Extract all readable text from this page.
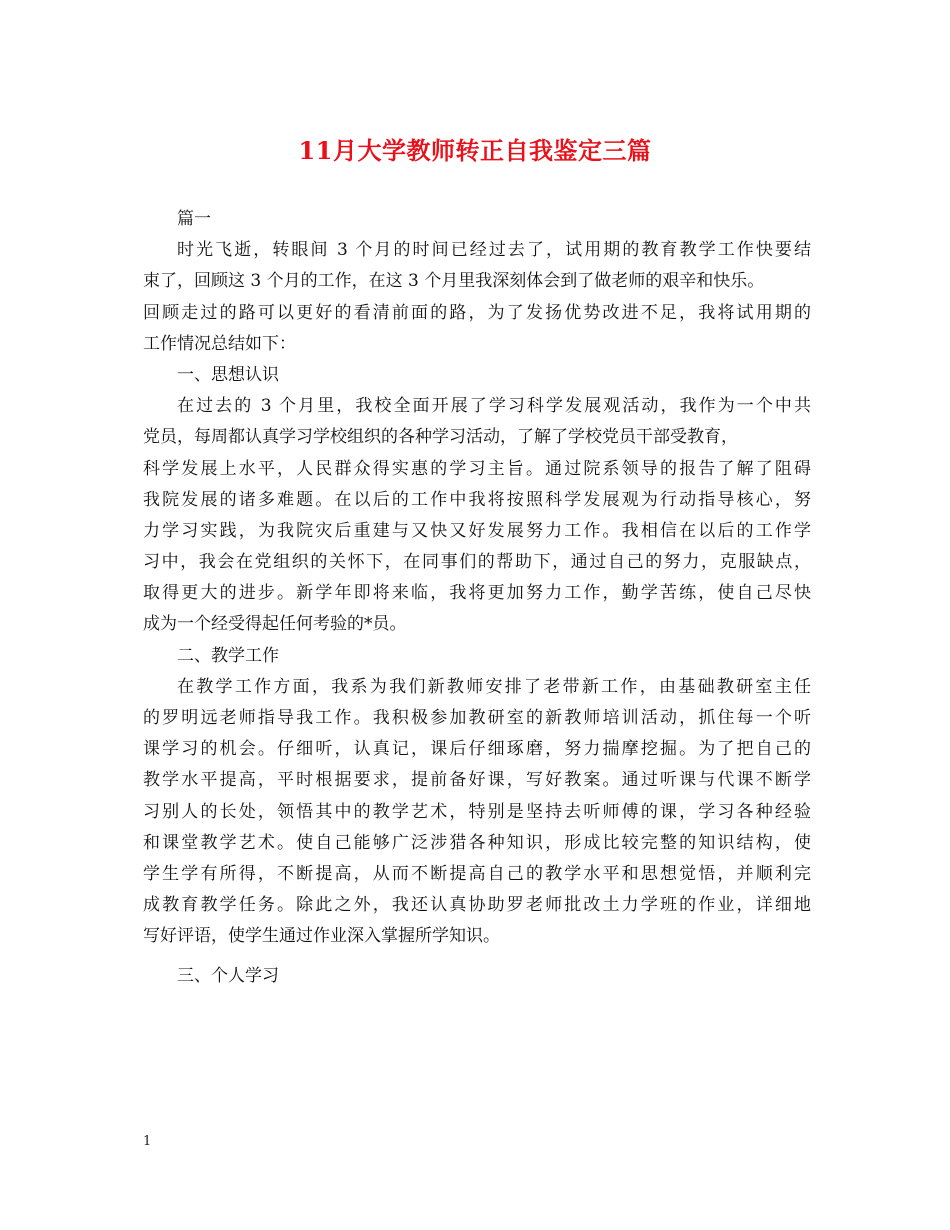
11月大学教师转正自我鉴定三篇
篇一
时光飞逝，转眼间 3 个月的时间已经过去了，试用期的教育教学工作快要结
束了，回顾这 3 个月的工作，在这 3 个月里我深刻体会到了做老师的艰辛和快乐。
回顾走过的路可以更好的看清前面的路，为了发扬优势改进不足，我将试用期的
工作情况总结如下：
一、思想认识
在过去的 3 个月里，我校全面开展了学习科学发展观活动，我作为一个中共
党员，每周都认真学习学校组织的各种学习活动，了解了学校党员干部受教育，
科学发展上水平，人民群众得实惠的学习主旨。通过院系领导的报告了解了阻碍
我院发展的诸多难题。在以后的工作中我将按照科学发展观为行动指导核心，努
力学习实践，为我院灾后重建与又快又好发展努力工作。我相信在以后的工作学
习中，我会在党组织的关怀下，在同事们的帮助下，通过自己的努力，克服缺点，
取得更大的进步。新学年即将来临，我将更加努力工作，勤学苦练，使自己尽快
成为一个经受得起任何考验的*员。
二、教学工作
在教学工作方面，我系为我们新教师安排了老带新工作，由基础教研室主任
的罗明远老师指导我工作。我积极参加教研室的新教师培训活动，抓住每一个听
课学习的机会。仔细听，认真记，课后仔细琢磨，努力揣摩挖掘。为了把自己的
教学水平提高，平时根据要求，提前备好课，写好教案。通过听课与代课不断学
习别人的长处，领悟其中的教学艺术，特别是坚持去听师傅的课，学习各种经验
和课堂教学艺术。使自己能够广泛涉猎各种知识，形成比较完整的知识结构，使
学生学有所得，不断提高，从而不断提高自己的教学水平和思想觉悟，并顺利完
成教育教学任务。除此之外，我还认真协助罗老师批改土力学班的作业，详细地
写好评语，使学生通过作业深入掌握所学知识。
三、个人学习
1
